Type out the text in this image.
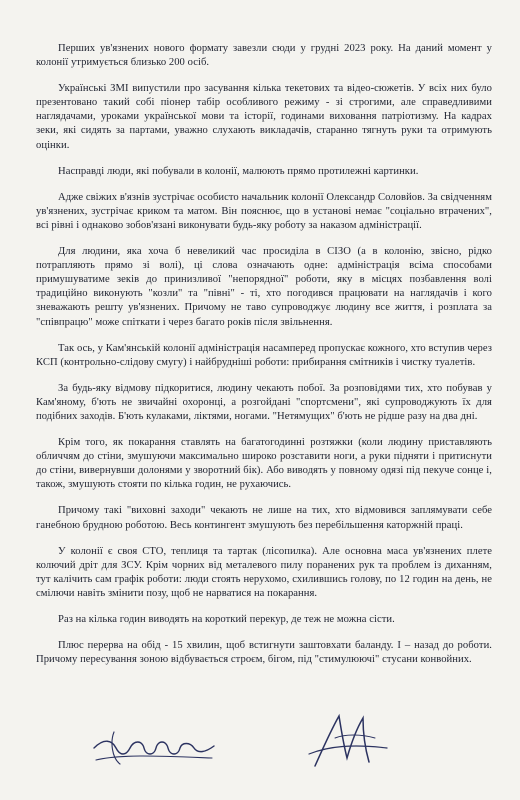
Перших ув'язнених нового формату завезли сюди у грудні 2023 року. На даний момент у колонії утримується близько 200 осіб.

Українські ЗМІ випустили про засування кілька текетових та відео-сюжетів. У всіх них було презентовано такий собі піонер табір особливого режиму - зі строгими, але справедливими наглядачами, уроками української мови та історії, годинами виховання патріотизму. На кадрах зеки, які сидять за партами, уважно слухають викладачів, старанно тягнуть руки та отримують оцінки.

Насправді люди, які побували в колонії, малюють прямо протилежні картинки.

Адже свіжих в'язнів зустрічає особисто начальник колонії Олександр Соловйов. За свідченням ув'язнених, зустрічає криком та матом. Він пояснює, що в установі немає "соціально втрачених", всі рівні і однаково зобов'язані виконувати будь-яку роботу за наказом адміністрації.

Для людини, яка хоча б невеликий час просиділа в СІЗО (а в колонію, звісно, рідко потрапляють прямо зі волі), ці слова означають одне: адміністрація всіма способами примушуватиме зеків до принизливої "непорядної" роботи, яку в місцях позбавлення волі традиційно виконують "козли" та "півні" - ті, хто погодився працювати на наглядачів і кого зневажають решту ув'язнених. Причому не таво супроводжує людину все життя, і розплата за "співпрацю" може спіткати і через багато років після звільнення.

Так ось, у Кам'янській колонії адміністрація насамперед пропускає кожного, хто вступив через КСП (контрольно-слідову смугу) і найбрудніші роботи: прибирання смітників і чистку туалетів.

За будь-яку відмову підкоритися, людину чекають побої. За розповідями тих, хто побував у Кам'яному, б'ють не звичайні охоронці, а розгойдані "спортсмени", які супроводжують їх для подібних заходів. Б'ють кулаками, ліктями, ногами. "Нетямущих" б'ють не рідше разу на два дні.

Крім того, як покарання ставлять на багатогодинні розтяжки (коли людину приставляють обличчям до стіни, змушуючи максимально широко розставити ноги, а руки підняти і притиснути до стіни, вивернувши долонями у зворотний бік). Або виводять у повному одязі під пекуче сонце і, також, змушують стояти по кілька годин, не рухаючись.

Причому такі "виховні заходи" чекають не лише на тих, хто відмовився заплямувати себе ганебною брудною роботою. Весь контингент змушують без перебільшення каторжній праці.

У колонії є своя СТО, теплиця та тартак (лісопилка). Але основна маса ув'язнених плете колючий дріт для ЗСУ. Крім чорних від металевого пилу поранених рук та проблем із диханням, тут калічить сам графік роботи: люди стоять нерухомо, схилившись голову, по 12 годин на день, не смілючи навіть змінити позу, щоб не нарватися на покарання.

Раз на кілька годин виводять на короткий перекур, де теж не можна сісти.

Плюс перерва на обід - 15 хвилин, щоб встигнути заштовхати баланду. І – назад до роботи. Причому пересування зоною відбувається строєм, бігом, під "стимулюючі" стусани конвойних.
